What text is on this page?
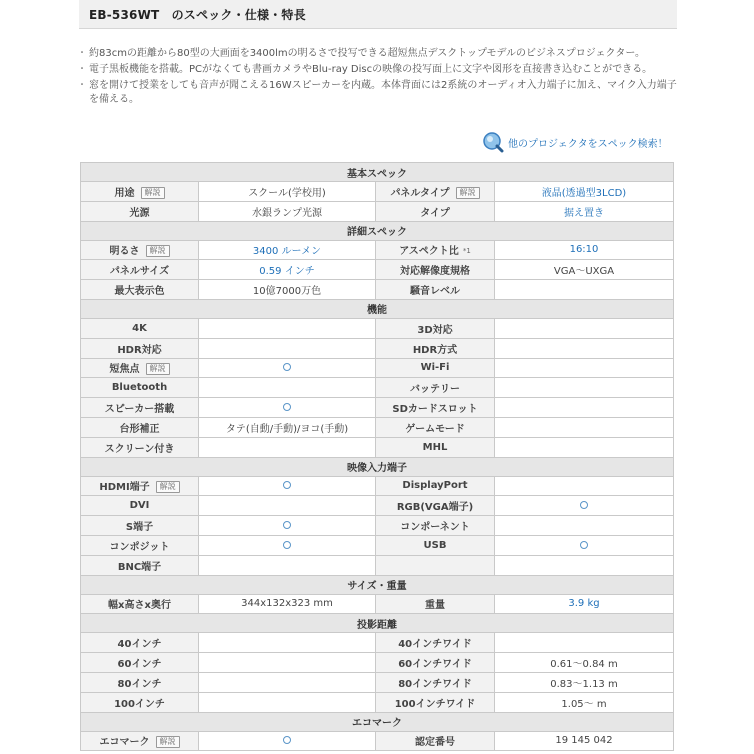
EB-536WT　のスペック・仕様・特長

・ 約83cmの距離から80型の大画面を3400lmの明るさで投写できる超短焦点デスクトップモデルのビジネスプロジェクター。

・ 電子黒板機能を搭載。PCがなくても書画カメラやBlu-ray Discの映像の投写面上に文字や図形を直接書き込むことができる。

・ 窓を開けて授業をしても音声が聞こえる16Wスピーカーを内蔵。本体背面には2系統のオーディオ入力端子に加え、マイク入力端子を備える。

他のプロジェクタをスペック検索！
基本スペック			
用途 解説	スクール(学校用)	パネルタイプ 解説	液晶(透過型3LCD)
光源	水銀ランプ光源	タイプ	据え置き
詳細スペック			
明るさ 解説	3400 ルーメン	アスペクト比 *1	16:10
パネルサイズ	0.59 インチ	対応解像度規格	VGA～UXGA
最大表示色	10億7000万色	騒音レベル	
機能			
4K		3D対応	
HDR対応		HDR方式	
短焦点 解説		Wi-Fi	
Bluetooth		バッテリー	
スピーカー搭載		SDカードスロット	
台形補正	タテ(自動/手動)/ヨコ(手動)	ゲームモード	
スクリーン付き		MHL	
映像入力端子			
HDMI端子 解説		DisplayPort	
DVI		RGB(VGA端子)	
S端子		コンポーネント	
コンポジット		USB	
BNC端子			
サイズ・重量			
幅x高さx奥行	344x132x323 mm	重量	3.9 kg
投影距離			
40インチ		40インチワイド	
60インチ		60インチワイド	0.61～0.84 m
80インチ		80インチワイド	0.83～1.13 m
100インチ		100インチワイド	1.05～ m
エコマーク			
エコマーク 解説		認定番号	19 145 042
